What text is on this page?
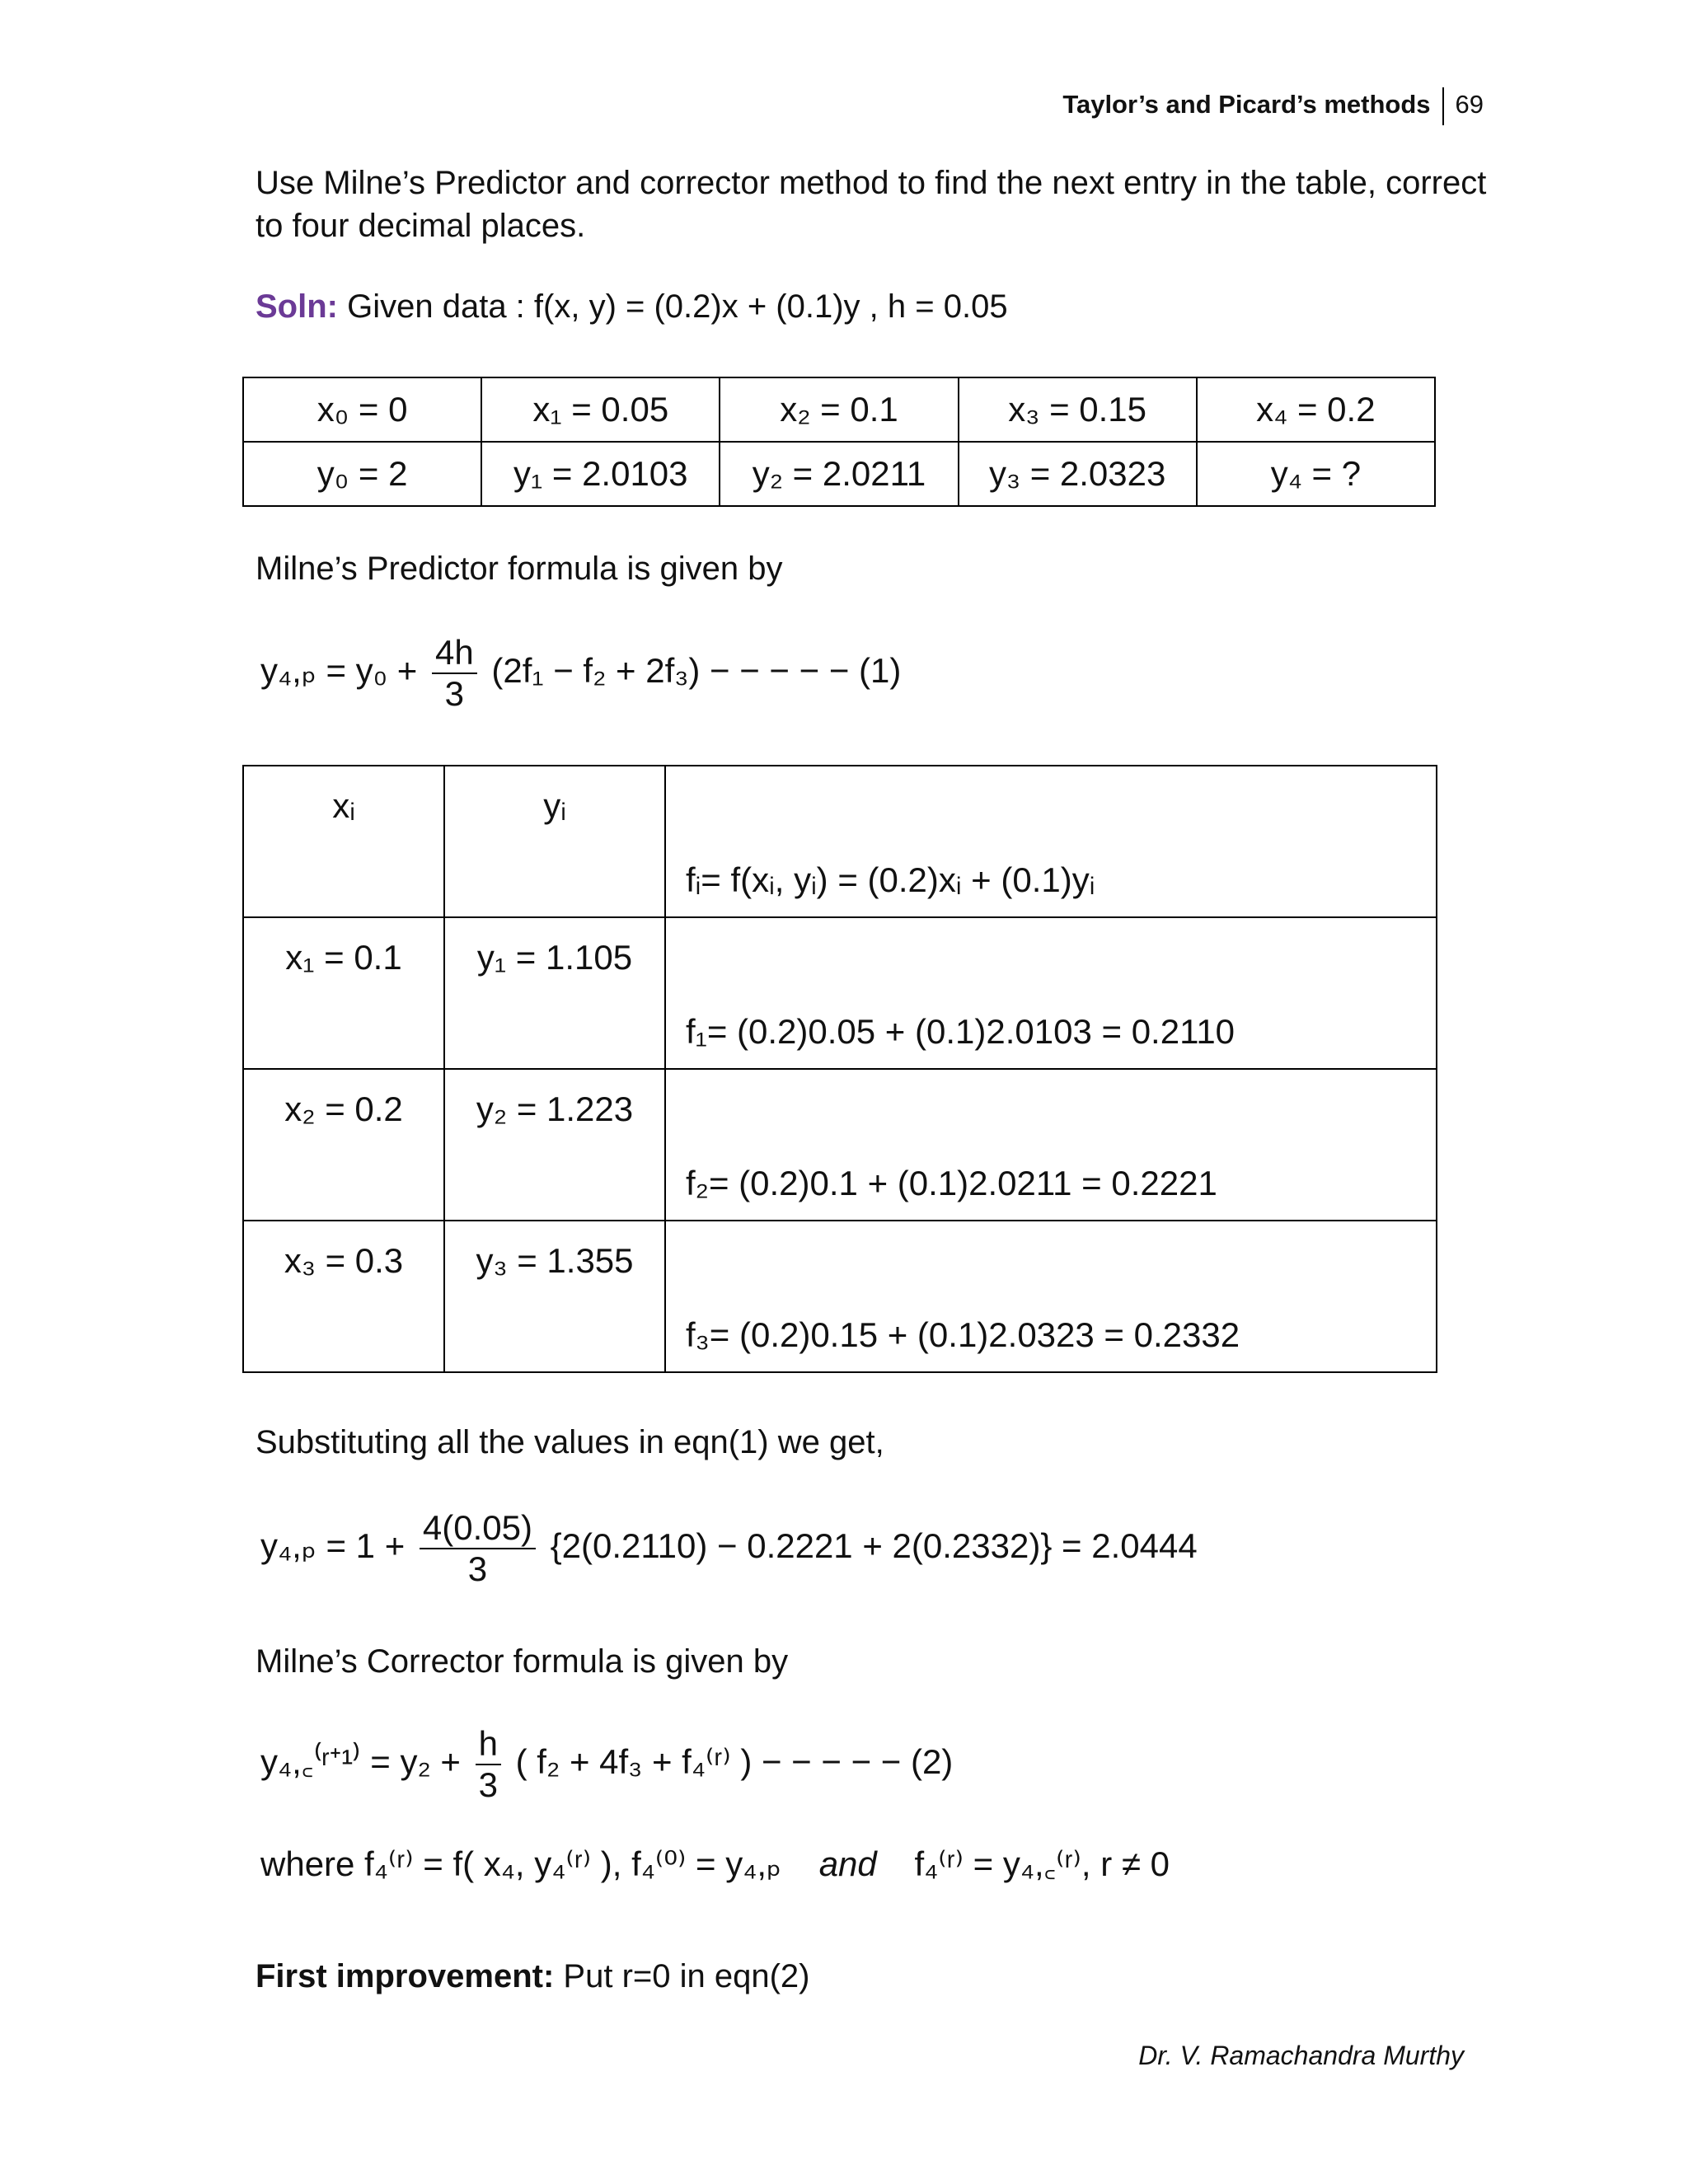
Taylor’s and Picard’s methods 69
Use Milne’s Predictor and corrector method to find the next entry in the table, correct to four decimal places.
Soln: Given data : f(x, y) = (0.2)x + (0.1)y , h = 0.05
x₀ = 0	x₁ = 0.05	x₂ = 0.1	x₃ = 0.15	x₄ = 0.2
y₀ = 2	y₁ = 2.0103	y₂ = 2.0211	y₃ = 2.0323	y₄ = ?
Milne’s Predictor formula is given by
$y_4,_p = y_0 + \frac{4h}{3} (2f_1 - f_2 + 2f_3)$ − − − − − (1)
xᵢ	yᵢ	fᵢ= f(xᵢ, yᵢ) = (0.2)xᵢ + (0.1)yᵢ
x₁ = 0.1	y₁ = 1.105	f₁= (0.2)0.05 + (0.1)2.0103 = 0.2110
x₂ = 0.2	y₂ = 1.223	f₂= (0.2)0.1 + (0.1)2.0211 = 0.2221
x₃ = 0.3	y₃ = 1.355	f₃= (0.2)0.15 + (0.1)2.0323 = 0.2332
Substituting all the values in eqn(1) we get,
$y_4,_p = 1 + \frac{4(0.05)}{3} \{2(0.2110) - 0.2221 + 2(0.2332)\} = 2.0444$
Milne’s Corrector formula is given by
y₄,꜀⁽ʳ⁺¹⁾ = $y_2 + \frac{h}{3}$ ( f₂ + 4f₃ + f₄⁽ʳ⁾ ) − − − − − (2)
where f₄⁽ʳ⁾ = f( x₄, y₄⁽ʳ⁾ ), f₄⁽⁰⁾ = y₄,ₚ and f₄⁽ʳ⁾ = y₄,꜀⁽ʳ⁾, r ≠ 0
First improvement: Put r=0 in eqn(2)
Dr. V. Ramachandra Murthy
